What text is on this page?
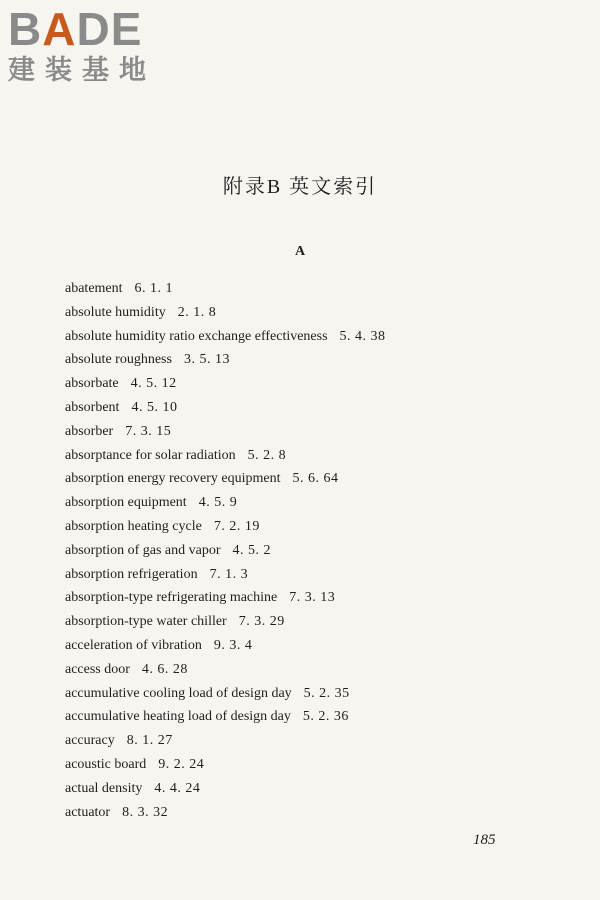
BADE
建装基地
附录B 英文索引
A
abatement 6. 1. 1
absolute humidity 2. 1. 8
absolute humidity ratio exchange effectiveness 5. 4. 38
absolute roughness 3. 5. 13
absorbate 4. 5. 12
absorbent 4. 5. 10
absorber 7. 3. 15
absorptance for solar radiation 5. 2. 8
absorption energy recovery equipment 5. 6. 64
absorption equipment 4. 5. 9
absorption heating cycle 7. 2. 19
absorption of gas and vapor 4. 5. 2
absorption refrigeration 7. 1. 3
absorption-type refrigerating machine 7. 3. 13
absorption-type water chiller 7. 3. 29
acceleration of vibration 9. 3. 4
access door 4. 6. 28
accumulative cooling load of design day 5. 2. 35
accumulative heating load of design day 5. 2. 36
accuracy 8. 1. 27
acoustic board 9. 2. 24
actual density 4. 4. 24
actuator 8. 3. 32
185
